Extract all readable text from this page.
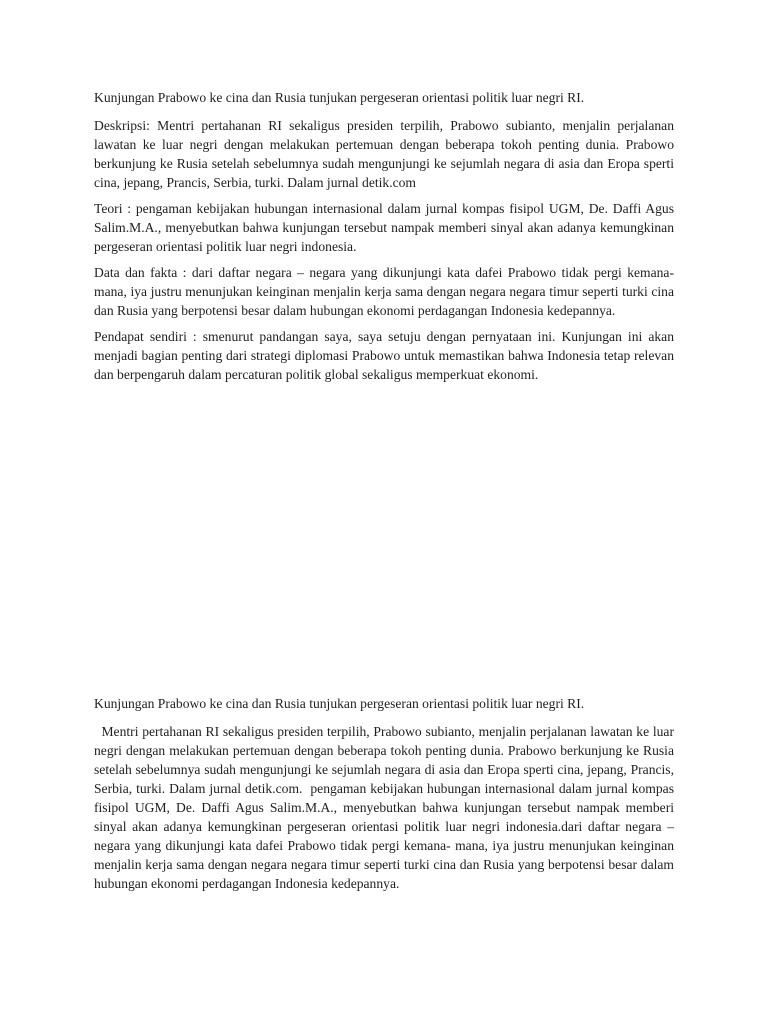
Kunjungan Prabowo ke cina dan Rusia tunjukan pergeseran orientasi politik luar negri RI.

Deskripsi: Mentri pertahanan RI sekaligus presiden terpilih, Prabowo subianto, menjalin perjalanan lawatan ke luar negri dengan melakukan pertemuan dengan beberapa tokoh penting dunia. Prabowo berkunjung ke Rusia setelah sebelumnya sudah mengunjungi ke sejumlah negara di asia dan Eropa sperti cina, jepang, Prancis, Serbia, turki. Dalam jurnal detik.com

Teori : pengaman kebijakan hubungan internasional dalam jurnal kompas fisipol UGM, De. Daffi Agus Salim.M.A., menyebutkan bahwa kunjungan tersebut nampak memberi sinyal akan adanya kemungkinan pergeseran orientasi politik luar negri indonesia.

Data dan fakta : dari daftar negara – negara yang dikunjungi kata dafei Prabowo tidak pergi kemana- mana, iya justru menunjukan keinginan menjalin kerja sama dengan negara negara timur seperti turki cina dan Rusia yang berpotensi besar dalam hubungan ekonomi perdagangan Indonesia kedepannya.

Pendapat sendiri : smenurut pandangan saya, saya setuju dengan pernyataan ini. Kunjungan ini akan menjadi bagian penting dari strategi diplomasi Prabowo untuk memastikan bahwa Indonesia tetap relevan dan berpengaruh dalam percaturan politik global sekaligus memperkuat ekonomi.

Kunjungan Prabowo ke cina dan Rusia tunjukan pergeseran orientasi politik luar negri RI.

Mentri pertahanan RI sekaligus presiden terpilih, Prabowo subianto, menjalin perjalanan lawatan ke luar negri dengan melakukan pertemuan dengan beberapa tokoh penting dunia. Prabowo berkunjung ke Rusia setelah sebelumnya sudah mengunjungi ke sejumlah negara di asia dan Eropa sperti cina, jepang, Prancis, Serbia, turki. Dalam jurnal detik.com.  pengaman kebijakan hubungan internasional dalam jurnal kompas fisipol UGM, De. Daffi Agus Salim.M.A., menyebutkan bahwa kunjungan tersebut nampak memberi sinyal akan adanya kemungkinan pergeseran orientasi politik luar negri indonesia.dari daftar negara – negara yang dikunjungi kata dafei Prabowo tidak pergi kemana- mana, iya justru menunjukan keinginan menjalin kerja sama dengan negara negara timur seperti turki cina dan Rusia yang berpotensi besar dalam hubungan ekonomi perdagangan Indonesia kedepannya.
